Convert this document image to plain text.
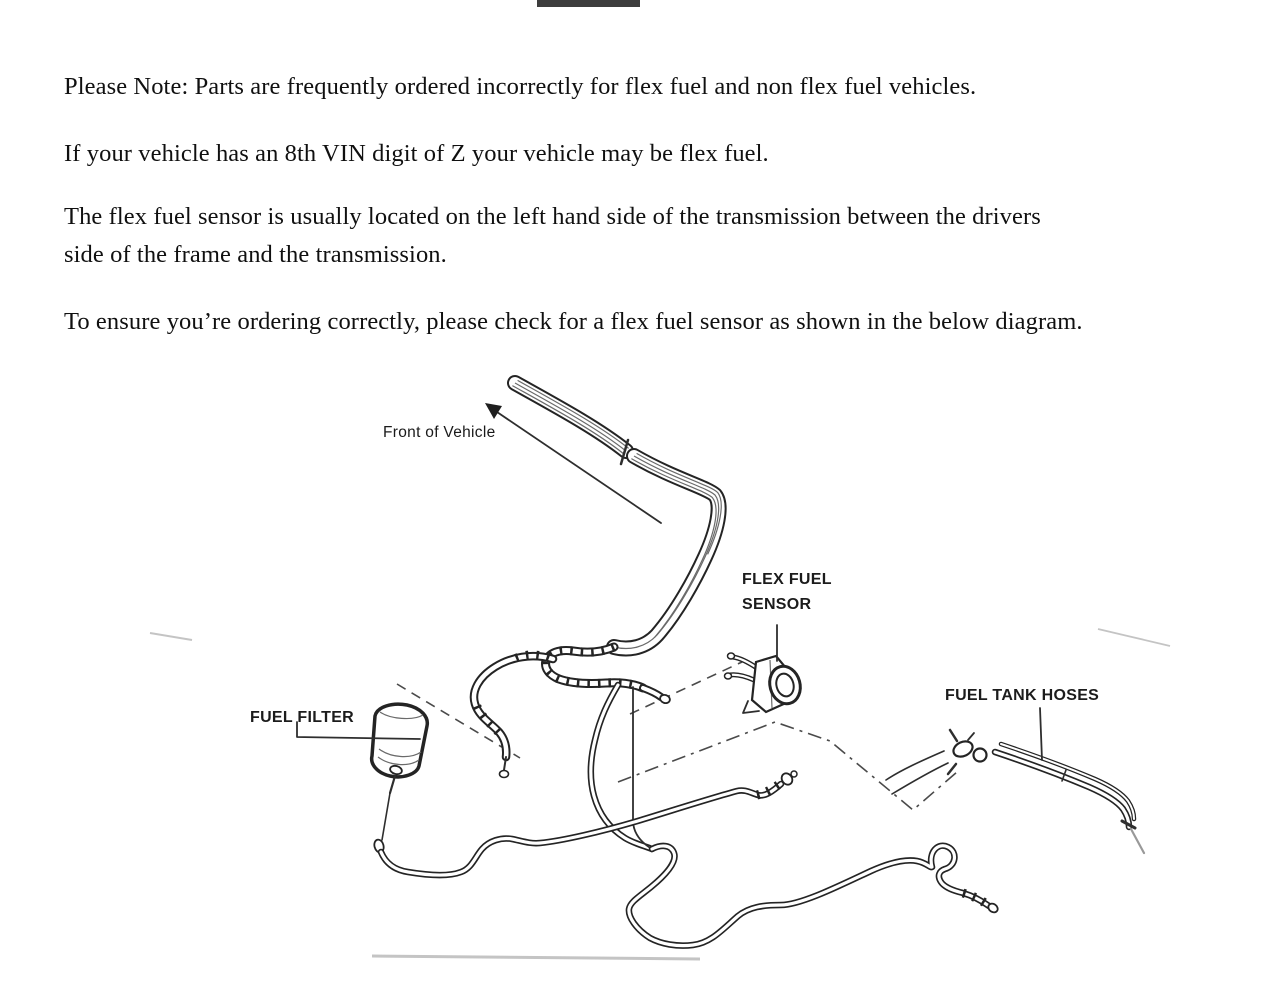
Please Note: Parts are frequently ordered incorrectly for flex fuel and non flex fuel vehicles.
If your vehicle has an 8th VIN digit of Z your vehicle may be flex fuel.
The flex fuel sensor is usually located on the left hand side of the transmission between the drivers
side of the frame and the transmission.
To ensure you’re ordering correctly, please check for a flex fuel sensor as shown in the below diagram.
Front of Vehicle
FLEX FUEL
SENSOR
FUEL TANK HOSES
FUEL FILTER
